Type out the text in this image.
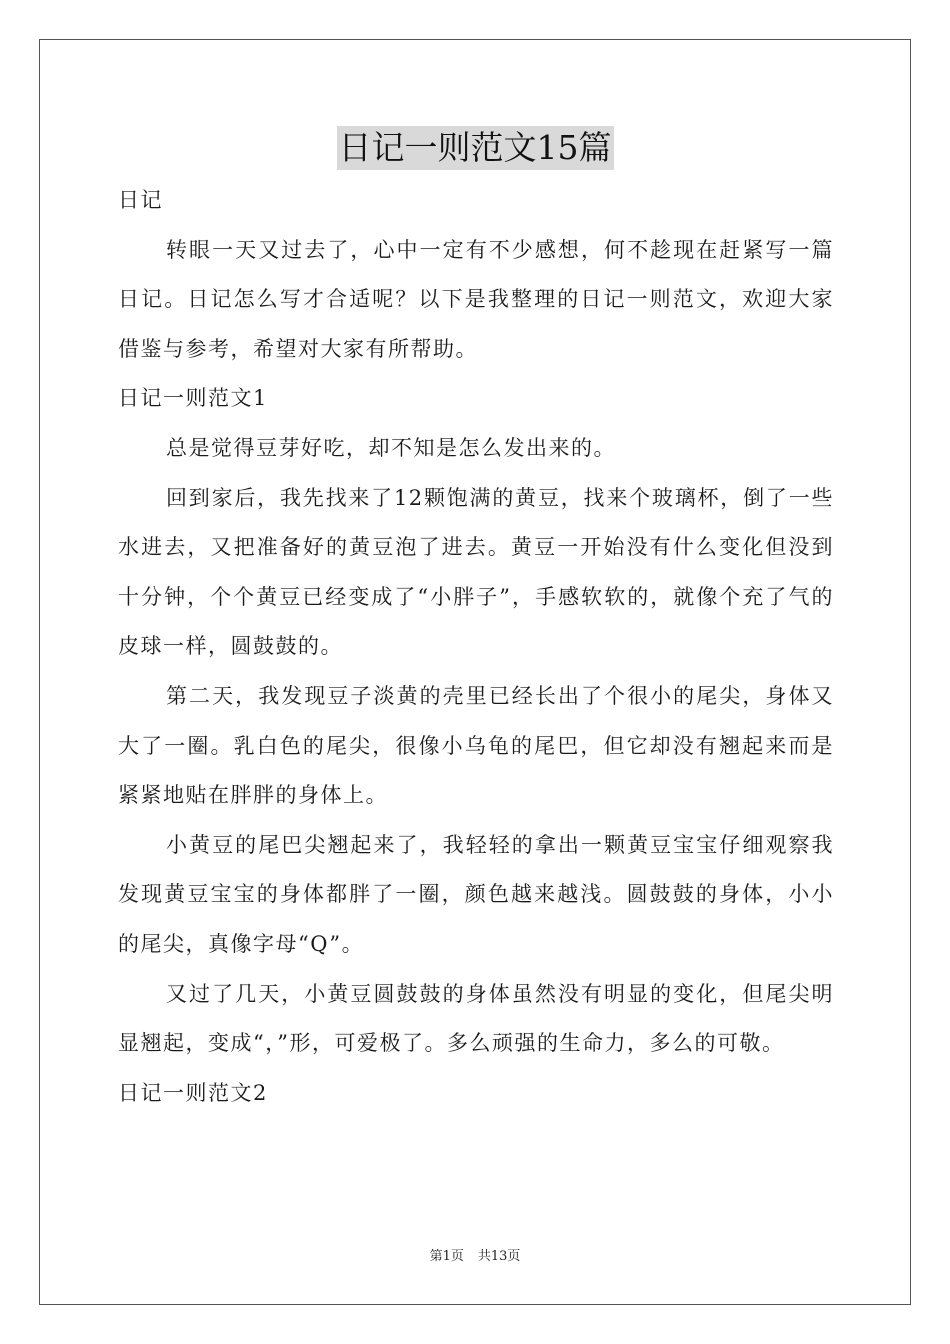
日记一则范文15篇

日记

转眼一天又过去了，心中一定有不少感想，何不趁现在赶紧写一篇日记。日记怎么写才合适呢？以下是我整理的日记一则范文，欢迎大家借鉴与参考，希望对大家有所帮助。

日记一则范文1

总是觉得豆芽好吃，却不知是怎么发出来的。

回到家后，我先找来了12颗饱满的黄豆，找来个玻璃杯，倒了一些水进去，又把准备好的黄豆泡了进去。黄豆一开始没有什么变化但没到十分钟，个个黄豆已经变成了“小胖子”，手感软软的，就像个充了气的皮球一样，圆鼓鼓的。

第二天，我发现豆子淡黄的壳里已经长出了个很小的尾尖，身体又大了一圈。乳白色的尾尖，很像小乌龟的尾巴，但它却没有翘起来而是紧紧地贴在胖胖的身体上。

小黄豆的尾巴尖翘起来了，我轻轻的拿出一颗黄豆宝宝仔细观察我发现黄豆宝宝的身体都胖了一圈，颜色越来越浅。圆鼓鼓的身体，小小的尾尖，真像字母“Q”。

又过了几天，小黄豆圆鼓鼓的身体虽然没有明显的变化，但尾尖明显翘起，变成“，”形，可爱极了。多么顽强的生命力，多么的可敬。

日记一则范文2

第1页 共13页
